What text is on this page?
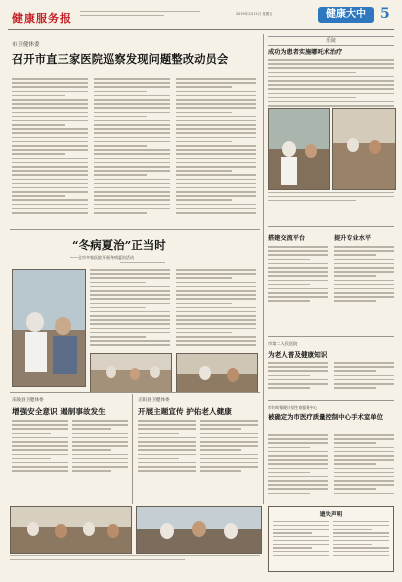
健康服务报	2019年1月11日 星期五	健康大中	5
市卫健体委
召开市直三家医院巡察发现问题整改动员会
“冬病夏治”正当时
——全市多家医院开展冬病夏治活动
乐陵县卫健体委
增强安全意识 遏制事故发生
正阳县卫健体委
开展主题宣传 护佑老人健康
乐陵
成功为患者实施哪吒术治疗
搭建交流平台	提升专业水平
市第二人民医院
为老人普及健康知识
市妇幼保健计划生育服务中心
被确定为市医疗质量控制中心手术室单位
遗失声明
